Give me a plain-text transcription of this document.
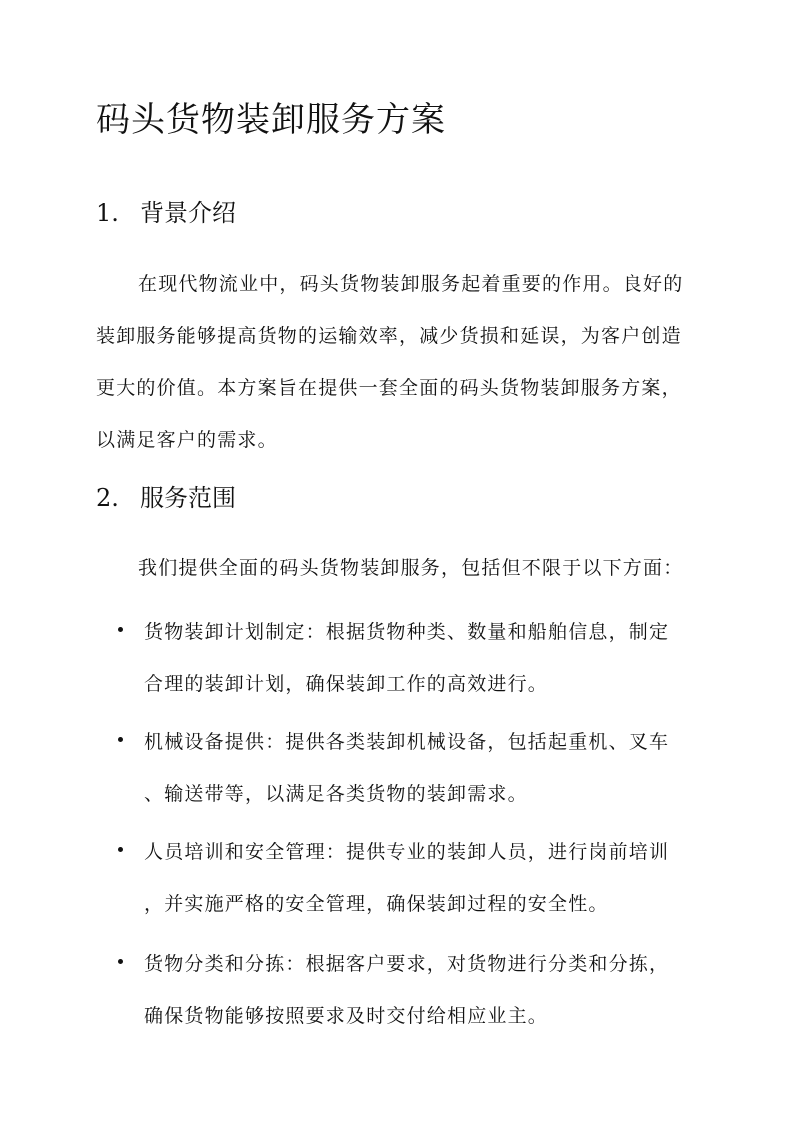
码头货物装卸服务方案
1. 背景介绍
在现代物流业中，码头货物装卸服务起着重要的作用。良好的
装卸服务能够提高货物的运输效率，减少货损和延误，为客户创造
更大的价值。本方案旨在提供一套全面的码头货物装卸服务方案，
以满足客户的需求。
2. 服务范围
我们提供全面的码头货物装卸服务，包括但不限于以下方面：
货物装卸计划制定：根据货物种类、数量和船舶信息，制定
合理的装卸计划，确保装卸工作的高效进行。
机械设备提供：提供各类装卸机械设备，包括起重机、叉车
、输送带等，以满足各类货物的装卸需求。
人员培训和安全管理：提供专业的装卸人员，进行岗前培训
，并实施严格的安全管理，确保装卸过程的安全性。
货物分类和分拣：根据客户要求，对货物进行分类和分拣，
确保货物能够按照要求及时交付给相应业主。
